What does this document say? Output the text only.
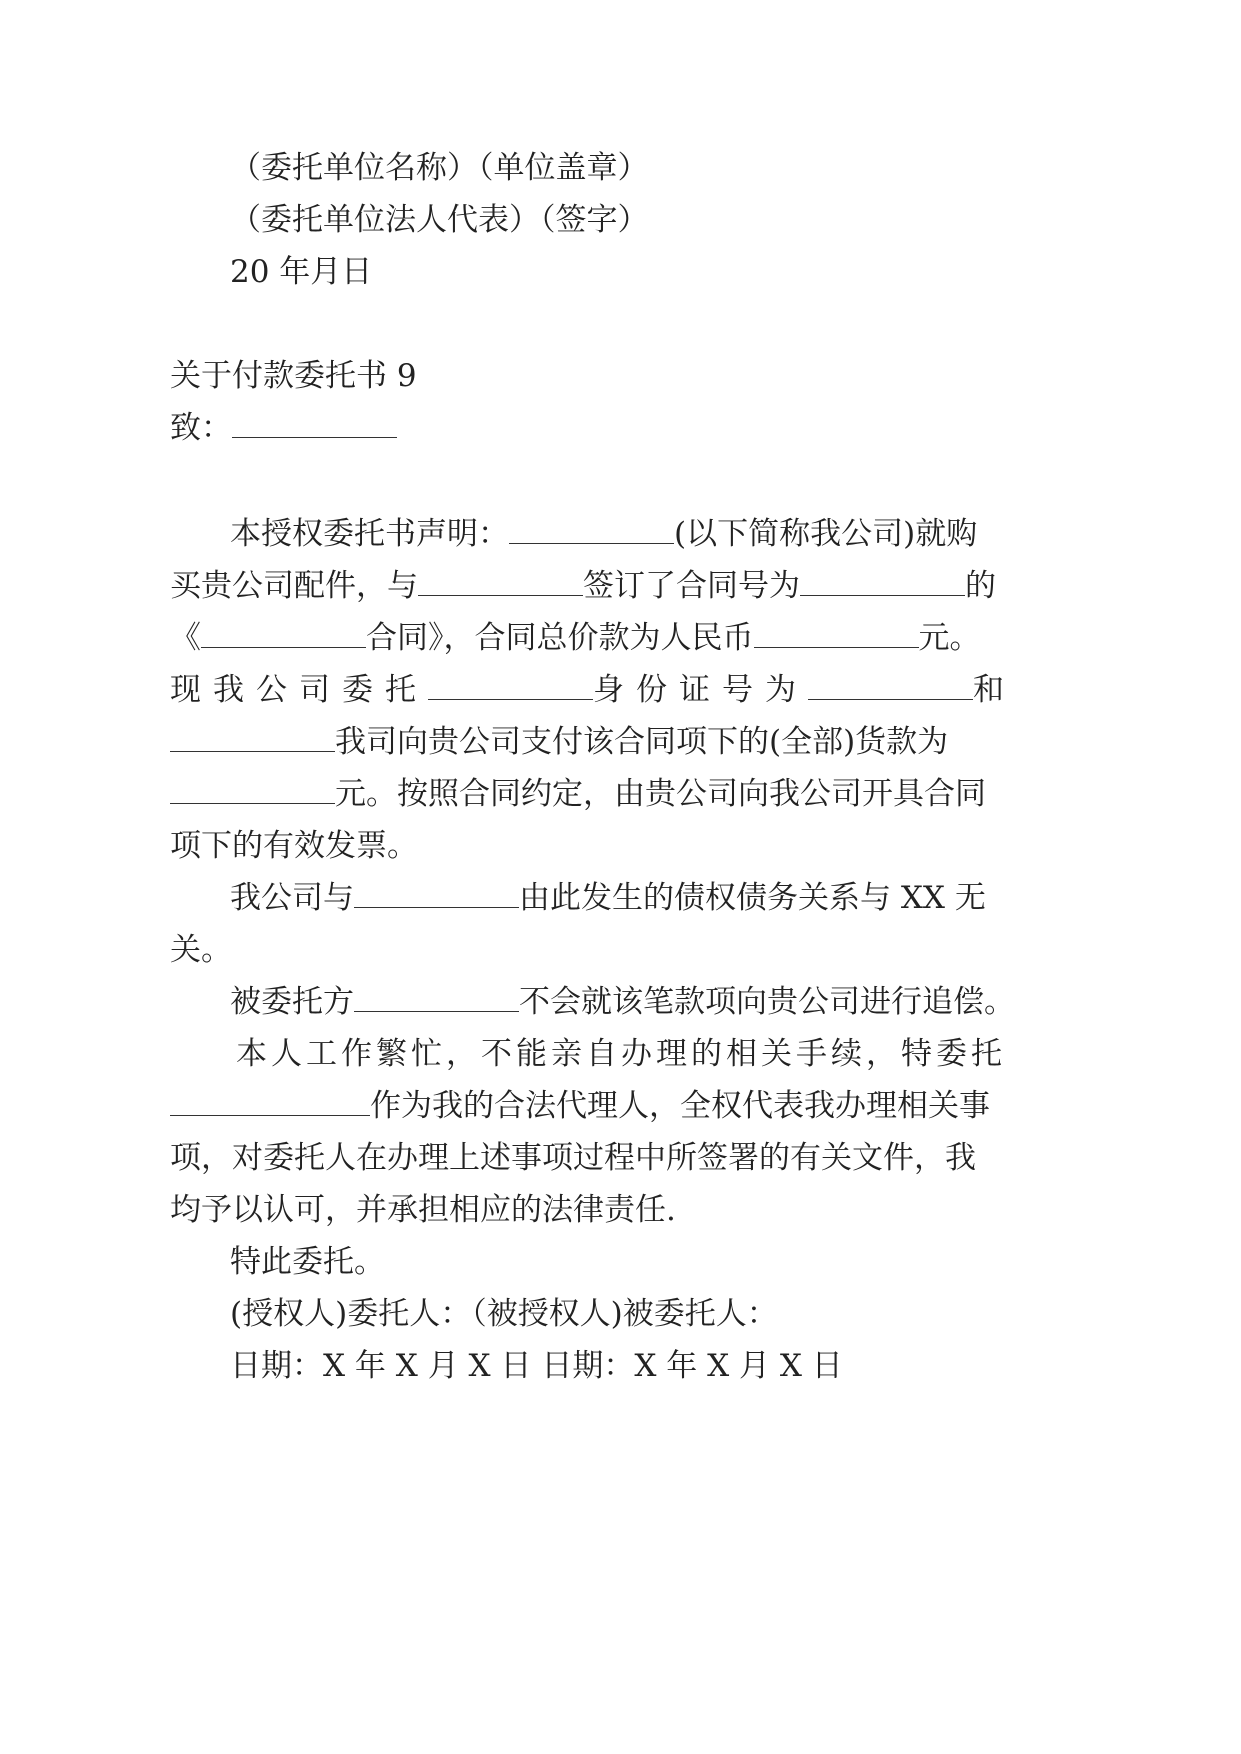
（委托单位名称）（单位盖章）
（委托单位法人代表）（签字）
20 年月日
关于付款委托书 9
致：
本授权委托书声明：	(以下简称我公司)就购
买贵公司配件，与	签订了合同号为	的
《	合同》，合同总价款为人民币	元。
现我公司委托	身份证号为	和
我司向贵公司支付该合同项下的(全部)货款为
元。按照合同约定，由贵公司向我公司开具合同
项下的有效发票。
我公司与	由此发生的债权债务关系与 XX 无
关。
被委托方	不会就该笔款项向贵公司进行追偿。
本人工作繁忙，不能亲自办理的相关手续，特委托
作为我的合法代理人，全权代表我办理相关事
项，对委托人在办理上述事项过程中所签署的有关文件，我
均予以认可，并承担相应的法律责任.
特此委托。
(授权人)委托人：（被授权人)被委托人：
日期：X 年 X 月 X 日 日期：X 年 X 月 X 日
